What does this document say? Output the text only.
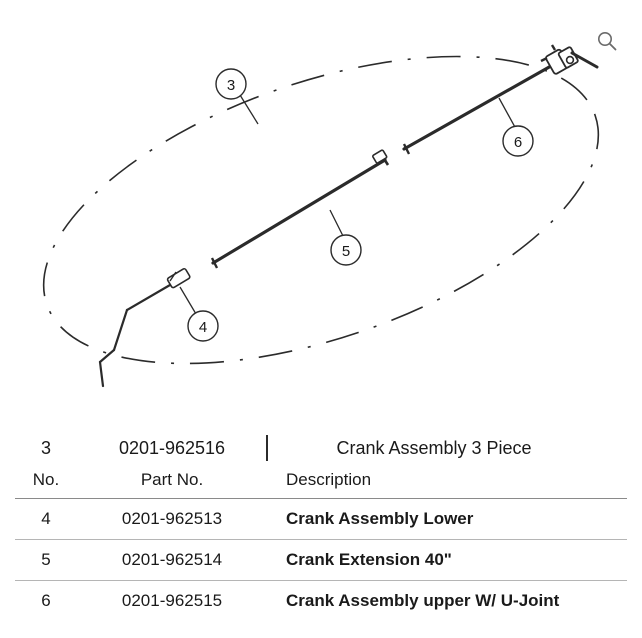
3
6
5
4
3	0201-962516	Crank Assembly 3 Piece
No.	Part No.	Description
4	0201-962513	Crank Assembly Lower
5	0201-962514	Crank Extension 40"
6	0201-962515	Crank Assembly upper W/ U-Joint
